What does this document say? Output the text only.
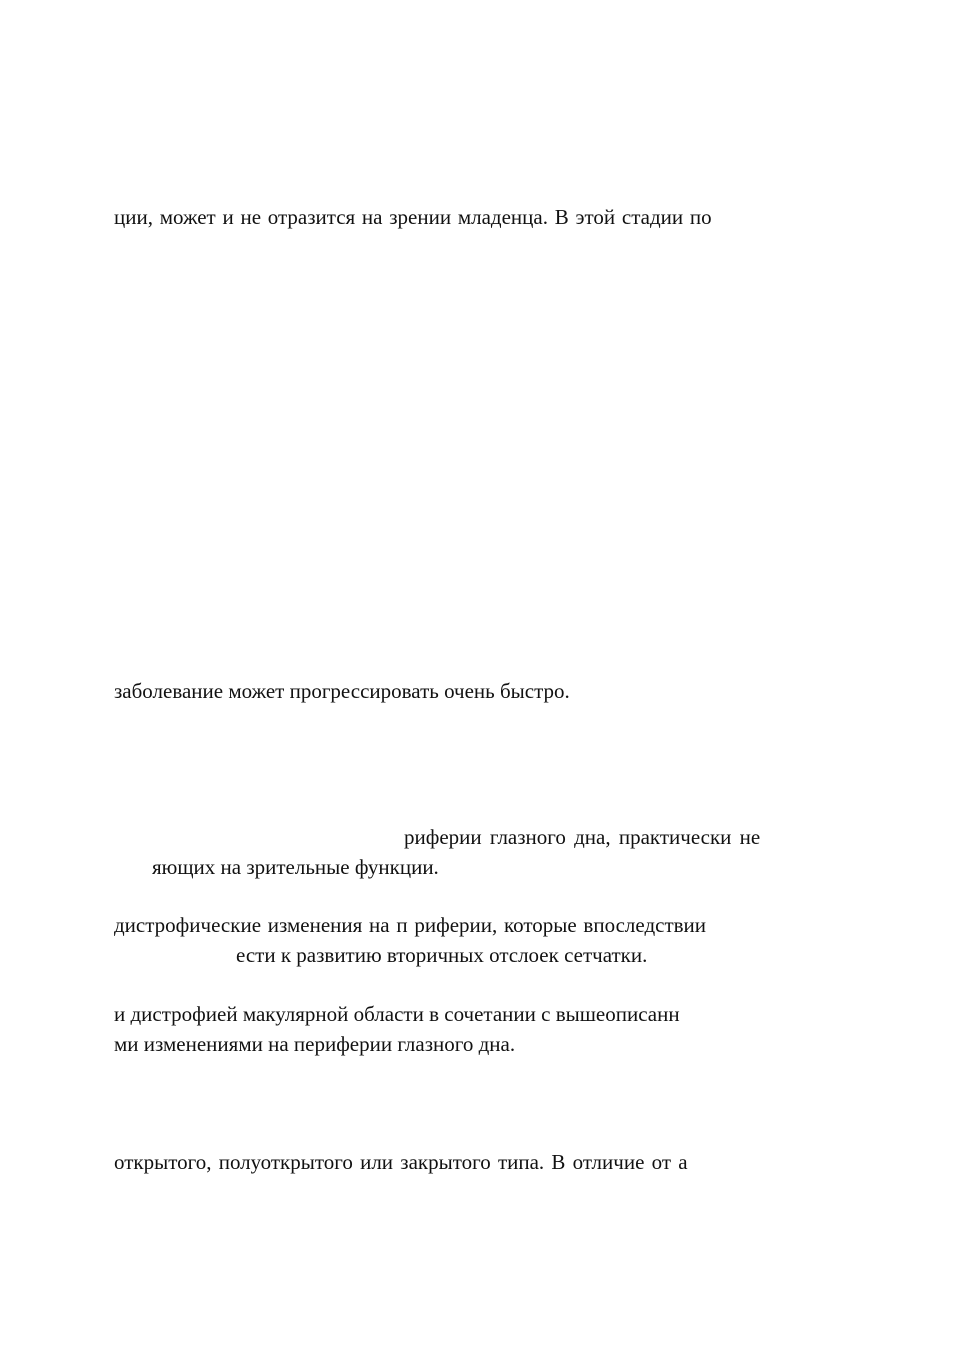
ции, может и не отразится на зрении младенца. В этой стадии по
заболевание может прогрессировать очень быстро.
риферии глазного дна, практически не
яющих на зрительные функции.
дистрофические изменения на п риферии, которые впоследствии
ести к развитию вторичных отслоек сетчатки.
и дистрофией макулярной области в сочетании с вышеописанн
ми изменениями на периферии глазного дна.
открытого, полуоткрытого или закрытого типа. В отличие от а
